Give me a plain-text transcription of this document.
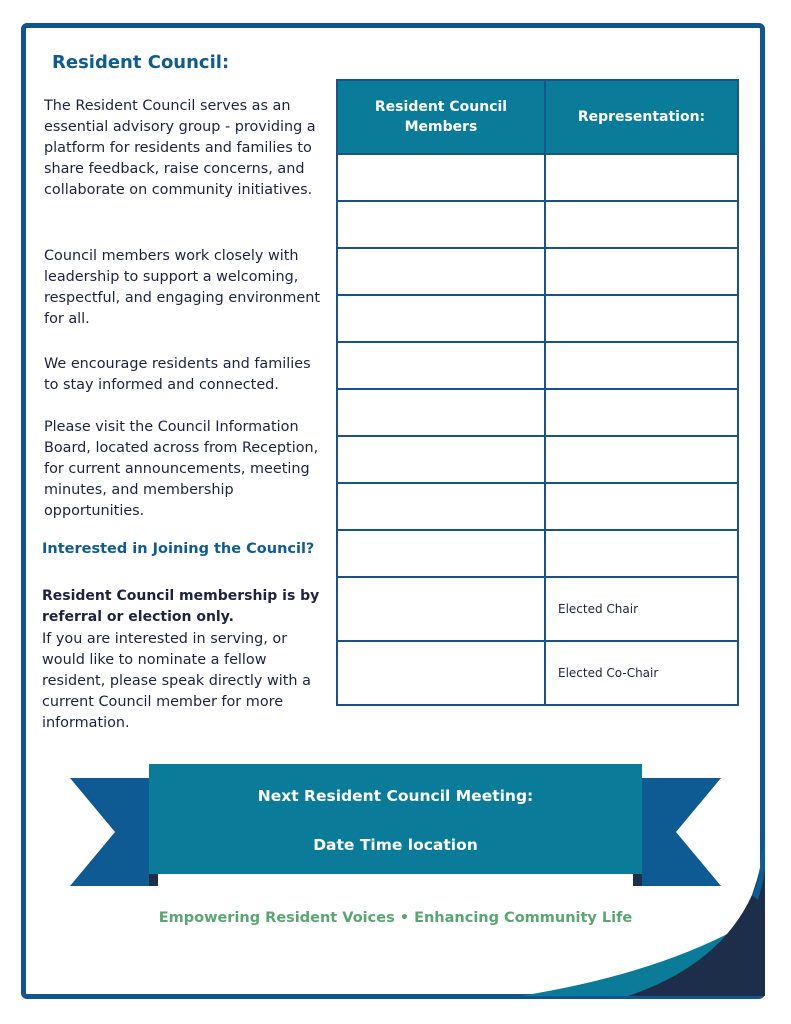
Resident Council:

The Resident Council serves as an essential advisory group - providing a platform for residents and families to share feedback, raise concerns, and collaborate on community initiatives.

Council members work closely with leadership to support a welcoming, respectful, and engaging environment for all.

We encourage residents and families to stay informed and connected.

Please visit the Council Information Board, located across from Reception, for current announcements, meeting minutes, and membership opportunities.

Interested in Joining the Council?

Resident Council membership is by referral or election only.

If you are interested in serving, or would like to nominate a fellow resident, please speak directly with a current Council member for more information.

Resident Council Members	Representation:

	Elected Chair
	Elected Co-Chair

Next Resident Council Meeting:

Date Time location

Empowering Resident Voices • Enhancing Community Life
